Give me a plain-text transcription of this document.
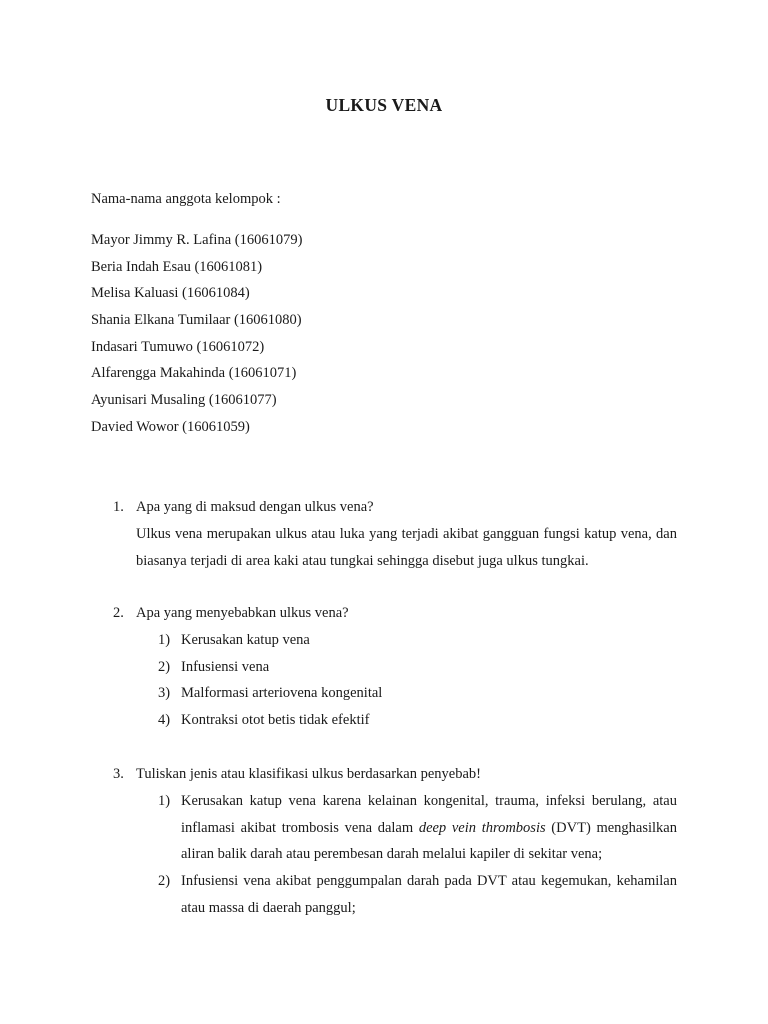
ULKUS VENA
Nama-nama anggota kelompok :
Mayor Jimmy R. Lafina (16061079)
Beria Indah Esau (16061081)
Melisa Kaluasi (16061084)
Shania Elkana Tumilaar (16061080)
Indasari Tumuwo (16061072)
Alfarengga Makahinda (16061071)
Ayunisari Musaling (16061077)
Davied Wowor (16061059)
1. Apa yang di maksud dengan ulkus vena?
Ulkus vena merupakan ulkus atau luka yang terjadi akibat gangguan fungsi katup vena, dan biasanya terjadi di area kaki atau tungkai sehingga disebut juga ulkus tungkai.
2. Apa yang menyebabkan ulkus vena?
1) Kerusakan katup vena
2) Infusiensi vena
3) Malformasi arteriovena kongenital
4) Kontraksi otot betis tidak efektif
3. Tuliskan jenis atau klasifikasi ulkus berdasarkan penyebab!
1) Kerusakan katup vena karena kelainan kongenital, trauma, infeksi berulang, atau inflamasi akibat trombosis vena dalam deep vein thrombosis (DVT) menghasilkan aliran balik darah atau perembesan darah melalui kapiler di sekitar vena;
2) Infusiensi vena akibat penggumpalan darah pada DVT atau kegemukan, kehamilan atau massa di daerah panggul;
